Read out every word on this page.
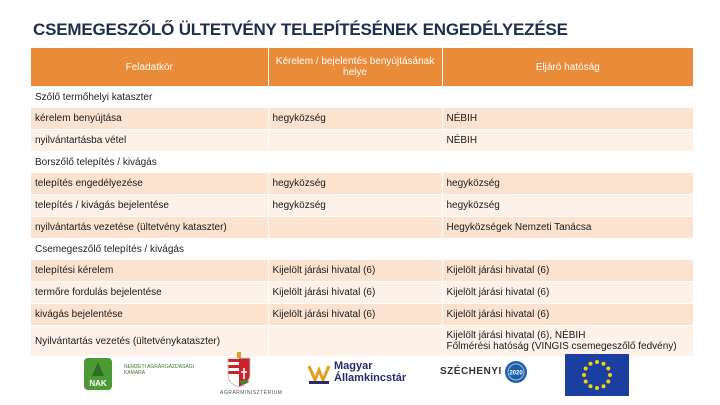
CSEMEGESZŐLŐ ÜLTETVÉNY TELEPÍTÉSÉNEK ENGEDÉLYEZÉSE
Feladatkör	Kérelem / bejelentés benyújtásának helye	Eljáró hatóság
Szőlő termőhelyi kataszter		
kérelem benyújtása	hegyközség	NÉBIH
nyilvántartásba vétel		NÉBIH
Borszőlő telepítés / kivágás		
telepítés engedélyezése	hegyközség	hegyközség
telepítés / kivágás bejelentése	hegyközség	hegyközség
nyilvántartás vezetése (ültetvény kataszter)		Hegyközségek Nemzeti Tanácsa
Csemegeszőlő telepítés / kivágás		
telepítési kérelem	Kijelölt járási hivatal (6)	Kijelölt járási hivatal (6)
termőre fordulás bejelentése	Kijelölt járási hivatal (6)	Kijelölt járási hivatal (6)
kivágás bejelentése	Kijelölt járási hivatal (6)	Kijelölt járási hivatal (6)
Nyilvántartás vezetés (ültetvénykataszter)		Kijelölt járási hivatal (6), NÉBIH
Főlmérési hatóság (VINGIS csemegeszőlő fedvény)
NAK
NEMZETI AGRÁRGAZDASÁGI KAMARA
AGRÁRMINISZTÉRIUM
Magyar
Államkincstár
SZÉCHENYI 2020
